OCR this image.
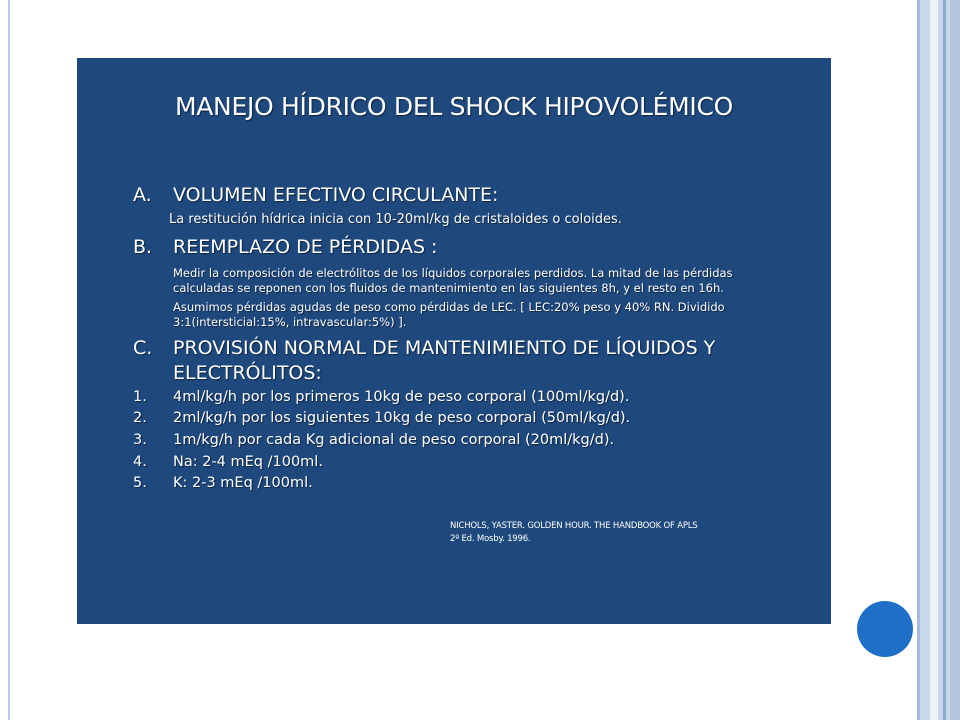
MANEJO HÍDRICO DEL SHOCK HIPOVOLÉMICO
A. VOLUMEN EFECTIVO CIRCULANTE:
La restitución hídrica inicia con 10-20ml/kg de cristaloides o coloides.
B. REEMPLAZO DE PÉRDIDAS :
Medir la composición de electrólitos de los líquidos corporales perdidos. La mitad de las pérdidas
calculadas se reponen con los fluidos de mantenimiento en las siguientes 8h, y el resto en 16h.
Asumimos pérdidas agudas de peso como pérdidas de LEC. [ LEC:20% peso y 40% RN. Dividido
3:1(intersticial:15%, intravascular:5%) ].
C. PROVISIÓN NORMAL DE MANTENIMIENTO DE LÍQUIDOS Y
ELECTRÓLITOS:
1. 4ml/kg/h por los primeros 10kg de peso corporal (100ml/kg/d).
2. 2ml/kg/h por los siguientes 10kg de peso corporal (50ml/kg/d).
3. 1m/kg/h por cada Kg adicional de peso corporal (20ml/kg/d).
4. Na: 2-4 mEq /100ml.
5. K: 2-3 mEq /100ml.
NICHOLS, YASTER. GOLDEN HOUR. THE HANDBOOK OF APLS
2º Ed. Mosby. 1996.
